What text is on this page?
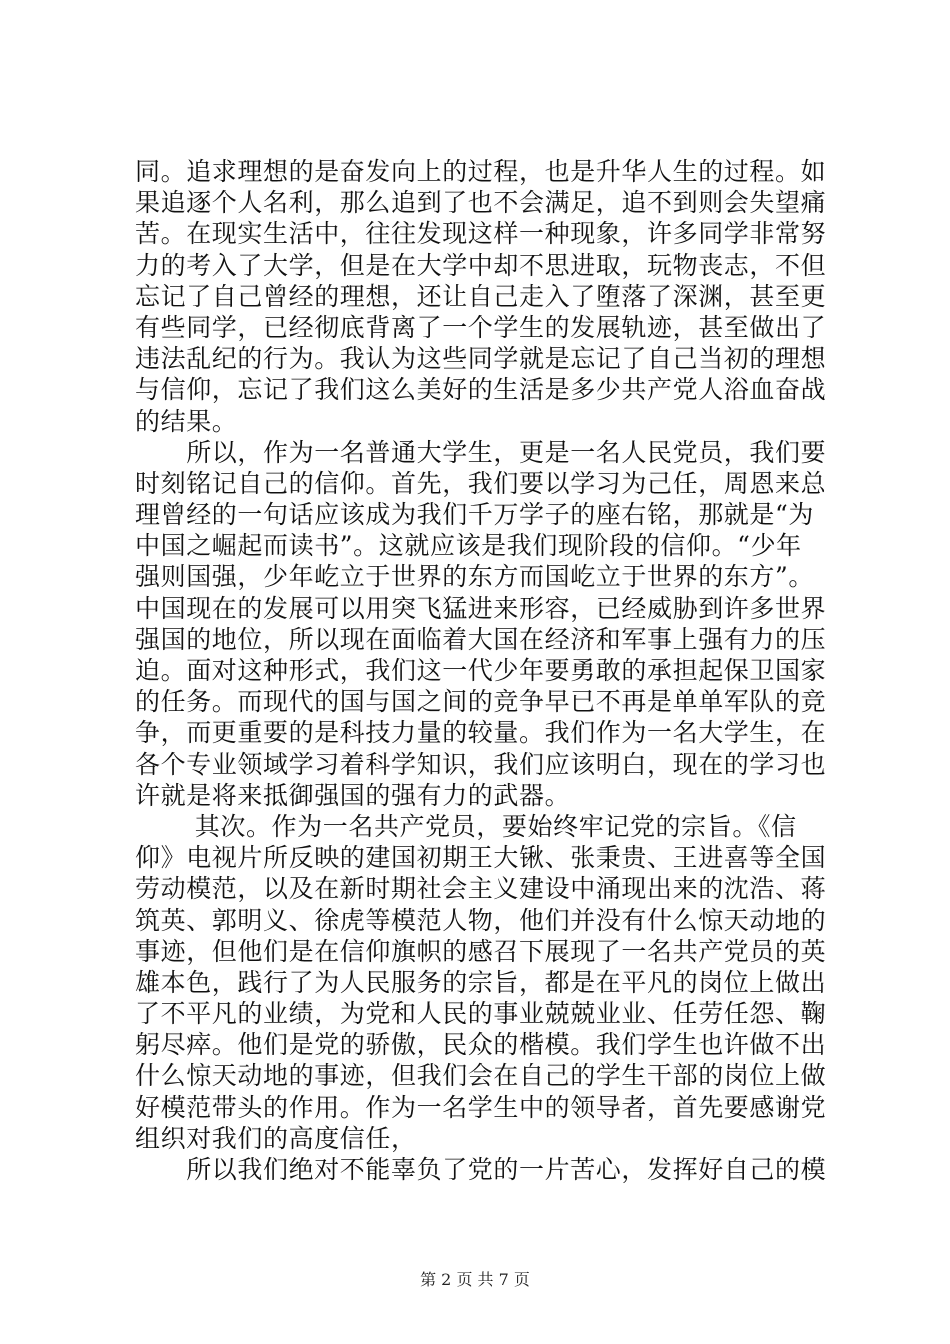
同。追求理想的是奋发向上的过程，也是升华人生的过程。如
果追逐个人名利，那么追到了也不会满足，追不到则会失望痛
苦。在现实生活中，往往发现这样一种现象，许多同学非常努
力的考入了大学，但是在大学中却不思进取，玩物丧志，不但
忘记了自己曾经的理想，还让自己走入了堕落了深渊，甚至更
有些同学，已经彻底背离了一个学生的发展轨迹，甚至做出了
违法乱纪的行为。我认为这些同学就是忘记了自己当初的理想
与信仰，忘记了我们这么美好的生活是多少共产党人浴血奋战
的结果。
　　所以，作为一名普通大学生，更是一名人民党员，我们要
时刻铭记自己的信仰。首先，我们要以学习为己任，周恩来总
理曾经的一句话应该成为我们千万学子的座右铭，那就是“为
中国之崛起而读书”。这就应该是我们现阶段的信仰。“少年
强则国强，少年屹立于世界的东方而国屹立于世界的东方”。
中国现在的发展可以用突飞猛进来形容，已经威胁到许多世界
强国的地位，所以现在面临着大国在经济和军事上强有力的压
迫。面对这种形式，我们这一代少年要勇敢的承担起保卫国家
的任务。而现代的国与国之间的竞争早已不再是单单军队的竞
争，而更重要的是科技力量的较量。我们作为一名大学生，在
各个专业领域学习着科学知识，我们应该明白，现在的学习也
许就是将来抵御强国的强有力的武器。
　　 其次。作为一名共产党员，要始终牢记党的宗旨。《信
仰》电视片所反映的建国初期王大锹、张秉贵、王进喜等全国
劳动模范，以及在新时期社会主义建设中涌现出来的沈浩、蒋
筑英、郭明义、徐虎等模范人物，他们并没有什么惊天动地的
事迹，但他们是在信仰旗帜的感召下展现了一名共产党员的英
雄本色，践行了为人民服务的宗旨，都是在平凡的岗位上做出
了不平凡的业绩，为党和人民的事业兢兢业业、任劳任怨、鞠
躬尽瘁。他们是党的骄傲，民众的楷模。我们学生也许做不出
什么惊天动地的事迹，但我们会在自己的学生干部的岗位上做
好模范带头的作用。作为一名学生中的领导者，首先要感谢党
组织对我们的高度信任，
　　所以我们绝对不能辜负了党的一片苦心，发挥好自己的模
第 2 页 共 7 页
